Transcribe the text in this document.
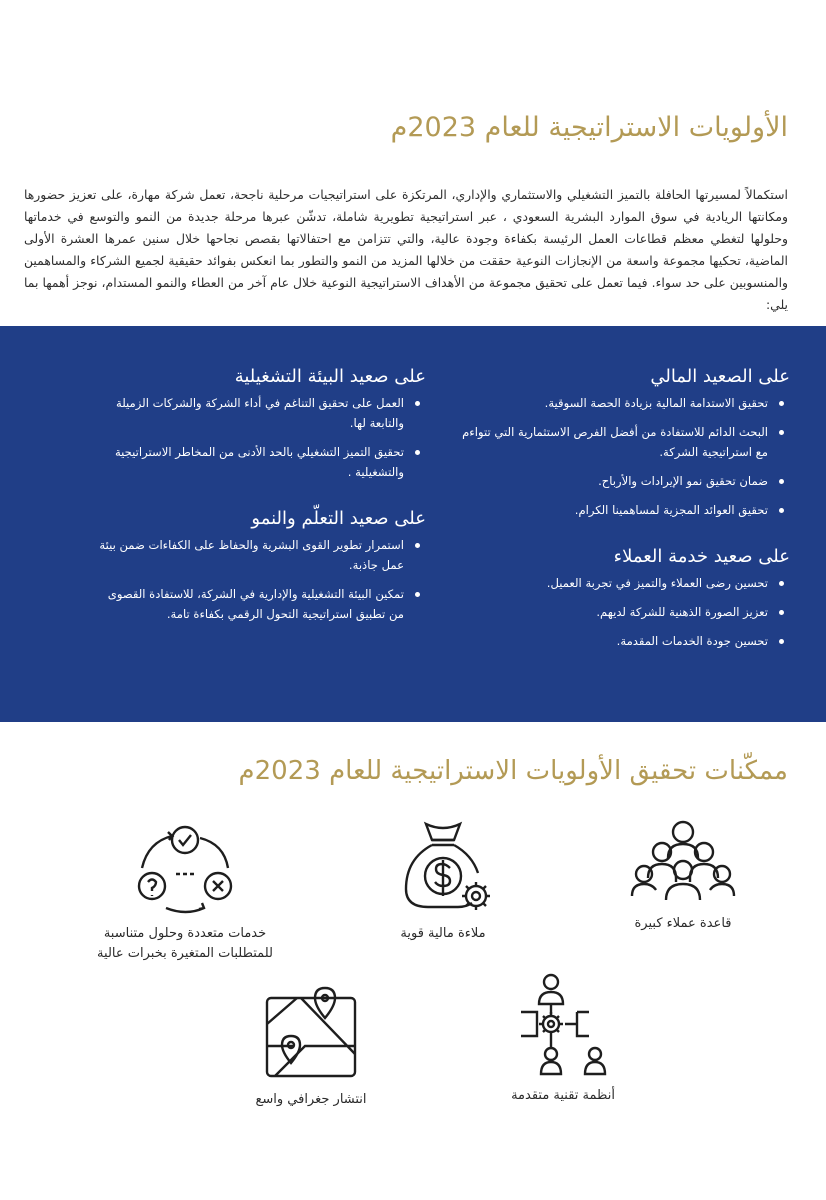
الأولويات الاستراتيجية للعام 2023م

استكمالاً لمسيرتها الحافلة بالتميز التشغيلي والاستثماري والإداري، المرتكزة على استراتيجيات مرحلية ناجحة، تعمل شركة مهارة، على تعزيز حضورها ومكانتها الريادية في سوق الموارد البشرية السعودي ، عبر استراتيجية تطويرية شاملة، تدشّن عبرها مرحلة جديدة من النمو والتوسع في خدماتها وحلولها لتغطي معظم قطاعات العمل الرئيسة بكفاءة وجودة عالية، والتي تتزامن مع احتفالاتها بقصص نجاحها خلال سنين عمرها العشرة الأولى الماضية، تحكيها مجموعة واسعة من الإنجازات النوعية حققت من خلالها المزيد من النمو والتطور بما انعكس بفوائد حقيقية لجميع الشركاء والمساهمين والمنسوبين على حد سواء. فيما تعمل على تحقيق مجموعة من الأهداف الاستراتيجية النوعية خلال عام آخر من العطاء والنمو المستدام، نوجز أهمها بما يلي:

على الصعيد المالي
تحقيق الاستدامة المالية بزيادة الحصة السوقية.
البحث الدائم للاستفادة من أفضل الفرص الاستثمارية التي تتواءم مع استراتيجية الشركة.
ضمان تحقيق نمو الإيرادات والأرباح.
تحقيق العوائد المجزية لمساهمينا الكرام.
على صعيد خدمة العملاء
تحسين رضى العملاء والتميز في تجربة العميل.
تعزيز الصورة الذهنية للشركة لديهم.
تحسين جودة الخدمات المقدمة.
على صعيد البيئة التشغيلية
العمل على تحقيق التناغم في أداء الشركة والشركات الزميلة والتابعة لها.
تحقيق التميز التشغيلي بالحد الأدنى من المخاطر الاستراتيجية والتشغيلية .
على صعيد التعلّم والنمو
استمرار تطوير القوى البشرية والحفاظ على الكفاءات ضمن بيئة عمل جاذبة.
تمكين البيئة التشغيلية والإدارية في الشركة، للاستفادة القصوى من تطبيق استراتيجية التحول الرقمي بكفاءة تامة.
ممكّنات تحقيق الأولويات الاستراتيجية للعام 2023م
قاعدة عملاء كبيرة
ملاءة مالية قوية
خدمات متعددة وحلول متناسبة
للمتطلبات المتغيرة بخبرات عالية
أنظمة تقنية متقدمة
انتشار جغرافي واسع
